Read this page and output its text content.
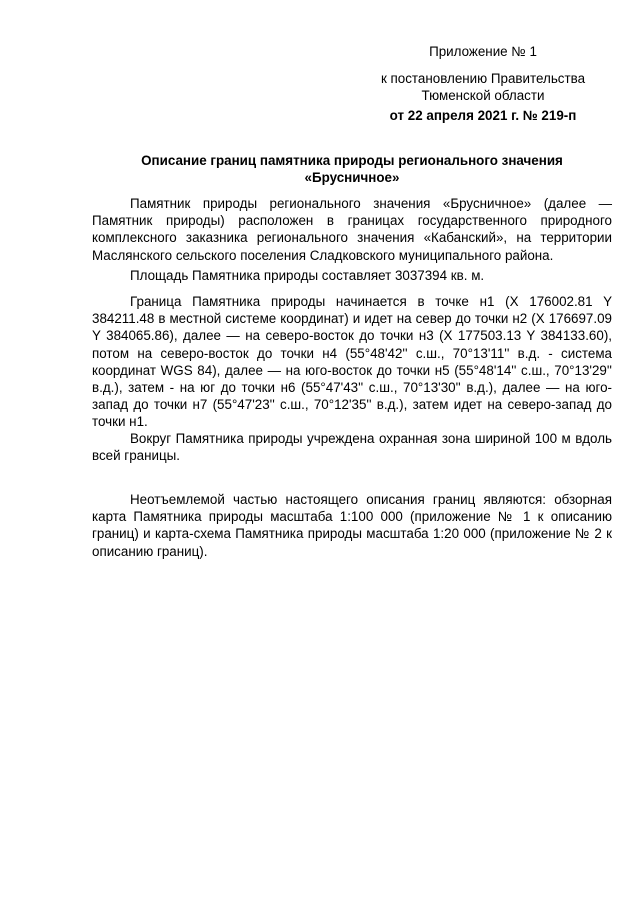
Приложение № 1
к постановлению Правительства
Тюменской области
от 22 апреля 2021 г. № 219-п
Описание границ памятника природы регионального значения
«Брусничное»

Памятник природы регионального значения «Брусничное» (далее — Памятник природы) расположен в границах государственного природного комплексного заказника регионального значения «Кабанский», на территории Маслянского сельского поселения Сладковского муниципального района.

Площадь Памятника природы составляет 3037394 кв. м.

Граница Памятника природы начинается в точке н1 (X 176002.81 Y 384211.48 в местной системе координат) и идет на север до точки н2 (X 176697.09 Y 384065.86), далее — на северо-восток до точки н3 (X 177503.13 Y 384133.60), потом на северо-восток до точки н4 (55°48'42'' с.ш., 70°13'11'' в.д. - система координат WGS 84), далее — на юго-восток до точки н5 (55°48'14'' с.ш., 70°13'29'' в.д.), затем - на юг до точки н6 (55°47'43'' с.ш., 70°13'30'' в.д.), далее — на юго-запад до точки н7 (55°47'23'' с.ш., 70°12'35'' в.д.), затем идет на северо-запад до точки н1.

Вокруг Памятника природы учреждена охранная зона шириной 100 м вдоль всей границы.

Неотъемлемой частью настоящего описания границ являются: обзорная карта Памятника природы масштаба 1:100 000 (приложение № 1 к описанию границ) и карта-схема Памятника природы масштаба 1:20 000 (приложение № 2 к описанию границ).
